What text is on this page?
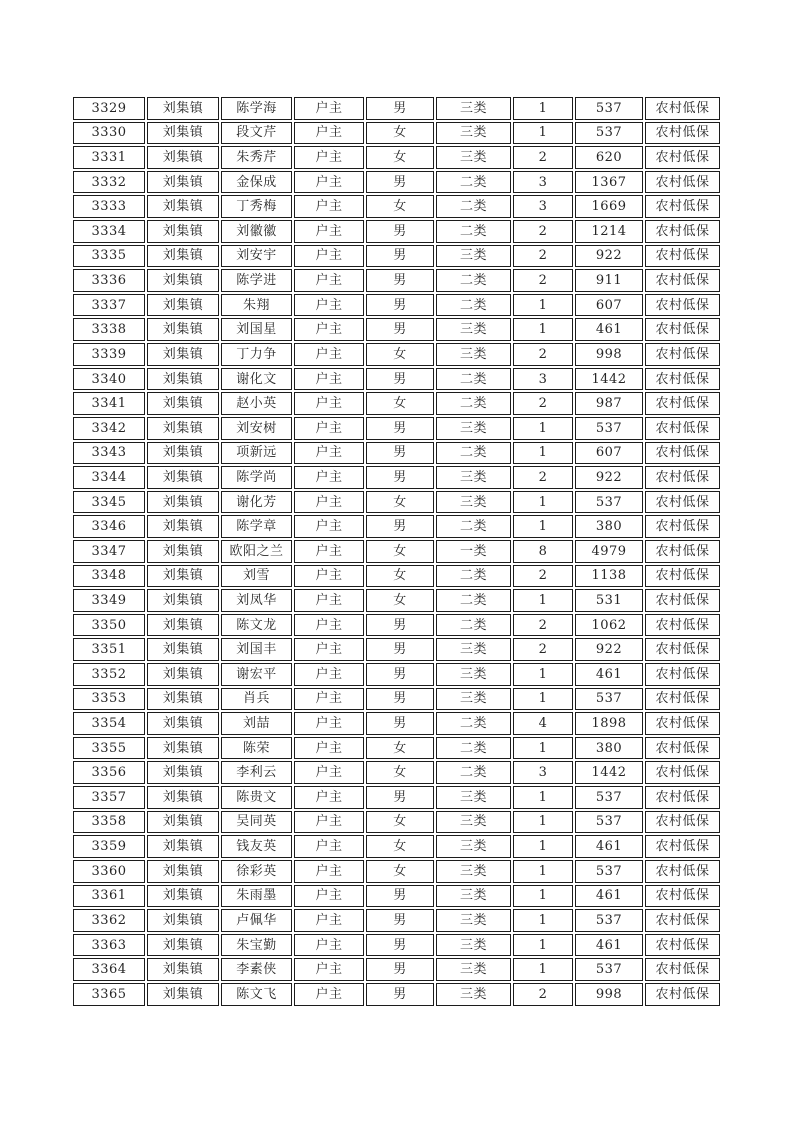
3329	刘集镇	陈学海	户主	男	三类	1	537	农村低保
3330	刘集镇	段文芹	户主	女	三类	1	537	农村低保
3331	刘集镇	朱秀芹	户主	女	三类	2	620	农村低保
3332	刘集镇	金保成	户主	男	二类	3	1367	农村低保
3333	刘集镇	丁秀梅	户主	女	二类	3	1669	农村低保
3334	刘集镇	刘徽徽	户主	男	二类	2	1214	农村低保
3335	刘集镇	刘安宇	户主	男	三类	2	922	农村低保
3336	刘集镇	陈学进	户主	男	二类	2	911	农村低保
3337	刘集镇	朱翔	户主	男	二类	1	607	农村低保
3338	刘集镇	刘国星	户主	男	三类	1	461	农村低保
3339	刘集镇	丁力争	户主	女	三类	2	998	农村低保
3340	刘集镇	谢化文	户主	男	二类	3	1442	农村低保
3341	刘集镇	赵小英	户主	女	二类	2	987	农村低保
3342	刘集镇	刘安树	户主	男	三类	1	537	农村低保
3343	刘集镇	项新远	户主	男	二类	1	607	农村低保
3344	刘集镇	陈学尚	户主	男	三类	2	922	农村低保
3345	刘集镇	谢化芳	户主	女	三类	1	537	农村低保
3346	刘集镇	陈学章	户主	男	二类	1	380	农村低保
3347	刘集镇	欧阳之兰	户主	女	一类	8	4979	农村低保
3348	刘集镇	刘雪	户主	女	二类	2	1138	农村低保
3349	刘集镇	刘凤华	户主	女	二类	1	531	农村低保
3350	刘集镇	陈文龙	户主	男	二类	2	1062	农村低保
3351	刘集镇	刘国丰	户主	男	三类	2	922	农村低保
3352	刘集镇	谢宏平	户主	男	三类	1	461	农村低保
3353	刘集镇	肖兵	户主	男	三类	1	537	农村低保
3354	刘集镇	刘喆	户主	男	二类	4	1898	农村低保
3355	刘集镇	陈荣	户主	女	二类	1	380	农村低保
3356	刘集镇	李利云	户主	女	二类	3	1442	农村低保
3357	刘集镇	陈贵文	户主	男	三类	1	537	农村低保
3358	刘集镇	吴同英	户主	女	三类	1	537	农村低保
3359	刘集镇	钱友英	户主	女	三类	1	461	农村低保
3360	刘集镇	徐彩英	户主	女	三类	1	537	农村低保
3361	刘集镇	朱雨墨	户主	男	三类	1	461	农村低保
3362	刘集镇	卢佩华	户主	男	三类	1	537	农村低保
3363	刘集镇	朱宝勤	户主	男	三类	1	461	农村低保
3364	刘集镇	李素侠	户主	男	三类	1	537	农村低保
3365	刘集镇	陈文飞	户主	男	三类	2	998	农村低保
